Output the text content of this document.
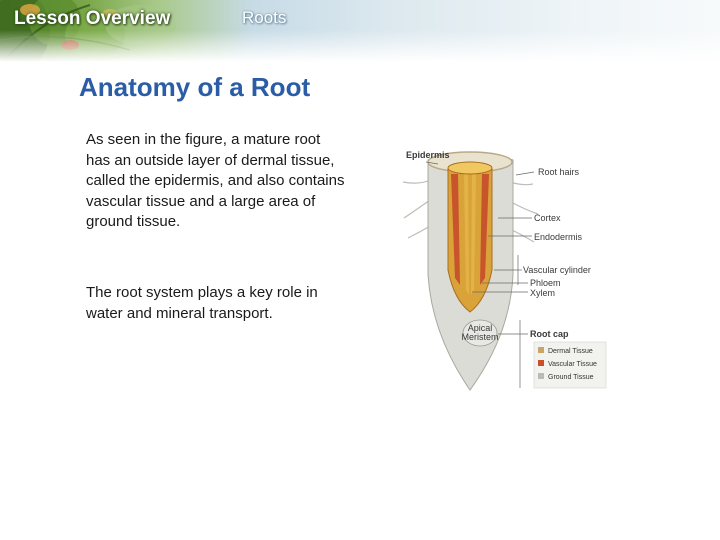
Lesson Overview	Roots
Anatomy of a Root
As seen in the figure, a mature root has an outside layer of dermal tissue, called the epidermis, and also contains vascular tissue and a large area of ground tissue.
The root system plays a key role in water and mineral transport.
Apical
Meristem
Epidermis
Root hairs
Cortex
Endodermis
Vascular cylinder
Phloem
Xylem
Root cap
Dermal Tissue
Vascular Tissue
Ground Tissue
